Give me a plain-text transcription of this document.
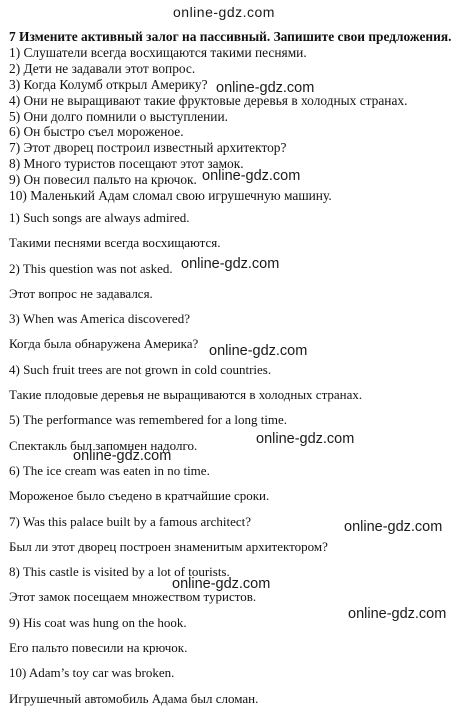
7 Измените активный залог на пассивный. Запишите свои предложения.
1) Слушатели всегда восхищаются такими песнями.
2) Дети не задавали этот вопрос.
3) Когда Колумб открыл Америку?
4) Они не выращивают такие фруктовые деревья в холодных странах.
5) Они долго помнили о выступлении.
6) Он быстро съел мороженое.
7) Этот дворец построил известный архитектор?
8) Много туристов посещают этот замок.
9) Он повесил пальто на крючок.
10) Маленький Адам сломал свою игрушечную машину.
1) Such songs are always admired.
Такими песнями всегда восхищаются.
2) This question was not asked.
Этот вопрос не задавался.
3) When was America discovered?
Когда была обнаружена Америка?
4) Such fruit trees are not grown in cold countries.
Такие плодовые деревья не выращиваются в холодных странах.
5) The performance was remembered for a long time.
Спектакль был запомнен надолго.
6) The ice cream was eaten in no time.
Мороженое было съедено в кратчайшие сроки.
7) Was this palace built by a famous architect?
Был ли этот дворец построен знаменитым архитектором?
8) This castle is visited by a lot of tourists.
Этот замок посещаем множеством туристов.
9) His coat was hung on the hook.
Его пальто повесили на крючок.
10) Adam’s toy car was broken.
Игрушечный автомобиль Адама был сломан.
online-gdz.com
online-gdz.com
online-gdz.com
online-gdz.com
online-gdz.com
online-gdz.com
online-gdz.com
online-gdz.com
online-gdz.com
online-gdz.com
